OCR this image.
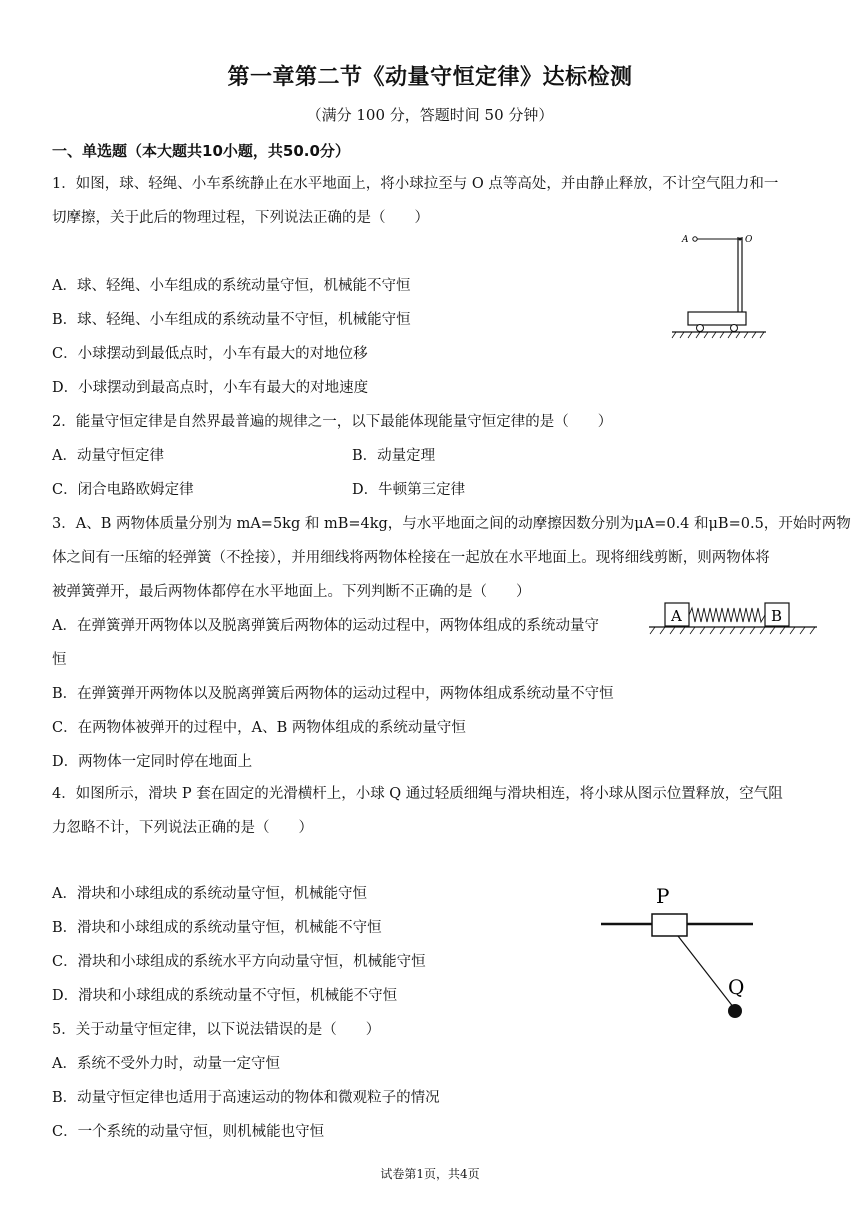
第一章第二节《动量守恒定律》达标检测
（满分 100 分，答题时间 50 分钟）
一、单选题（本大题共10小题，共50.0分）
1．如图，球、轻绳、小车系统静止在水平地面上，将小球拉至与 O 点等高处，并由静止释放，不计空气阻力和一
切摩擦，关于此后的物理过程，下列说法正确的是（　　）
A．球、轻绳、小车组成的系统动量守恒，机械能不守恒
B．球、轻绳、小车组成的系统动量不守恒，机械能守恒
C．小球摆动到最低点时，小车有最大的对地位移
D．小球摆动到最高点时，小车有最大的对地速度
A	O
2．能量守恒定律是自然界最普遍的规律之一，以下最能体现能量守恒定律的是（　　）
A．动量守恒定律	B．动量定理
C．闭合电路欧姆定律	D．牛顿第三定律
3．A、B 两物体质量分别为 mA=5kg 和 mB=4kg，与水平地面之间的动摩擦因数分别为μA=0.4 和μB=0.5，开始时两物
体之间有一压缩的轻弹簧（不拴接），并用细线将两物体栓接在一起放在水平地面上。现将细线剪断，则两物体将
被弹簧弹开，最后两物体都停在水平地面上。下列判断不正确的是（　　）
A．在弹簧弹开两物体以及脱离弹簧后两物体的运动过程中，两物体组成的系统动量守
恒
B．在弹簧弹开两物体以及脱离弹簧后两物体的运动过程中，两物体组成系统动量不守恒
C．在两物体被弹开的过程中，A、B 两物体组成的系统动量守恒
D．两物体一定同时停在地面上
A	B
4．如图所示，滑块 P 套在固定的光滑横杆上，小球 Q 通过轻质细绳与滑块相连，将小球从图示位置释放，空气阻
力忽略不计，下列说法正确的是（　　）
A．滑块和小球组成的系统动量守恒，机械能守恒
B．滑块和小球组成的系统动量守恒，机械能不守恒
C．滑块和小球组成的系统水平方向动量守恒，机械能守恒
D．滑块和小球组成的系统动量不守恒，机械能不守恒
P
Q
5．关于动量守恒定律，以下说法错误的是（　　）
A．系统不受外力时，动量一定守恒
B．动量守恒定律也适用于高速运动的物体和微观粒子的情况
C．一个系统的动量守恒，则机械能也守恒
试卷第1页，共4页
